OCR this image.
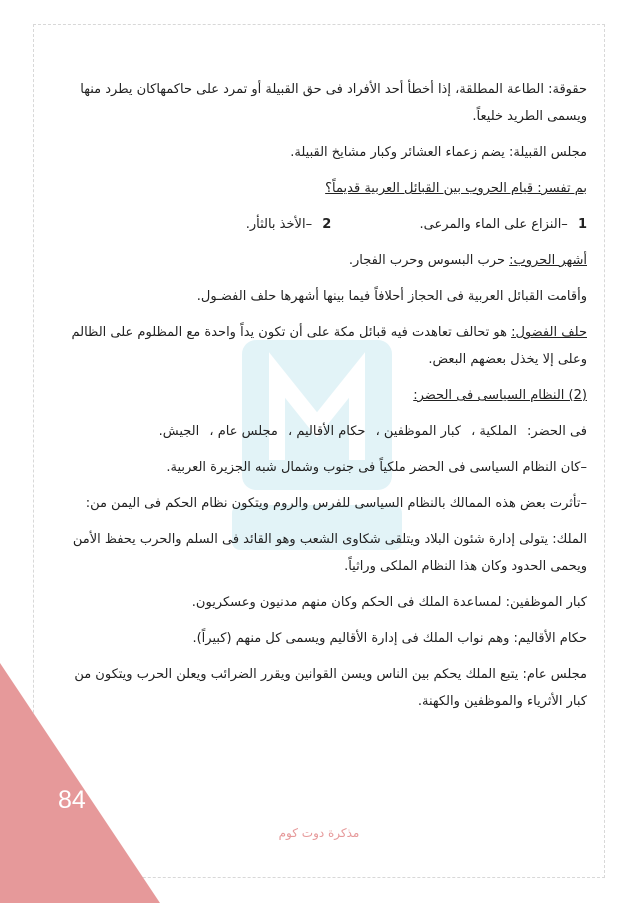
حقوقة: الطاعة المطلقة، إذا أخطأ أحد الأفراد فى حق القبيلة أو تمرد على حاكمهاكان يطرد منها ويسمى الطريد خليعاً.

مجلس القبيلة: يضم زعماء العشائر وكبار مشايخ القبيلة.

بم تفسر: قيام الحروب بين القبائل العربية قديماً؟

1 –النزاع على الماء والمرعى.  2 –الأخذ بالثأر.

أشهر الحروب: حرب البسوس وحرب الفجار.

وأقامت القبائل العربية فى الحجاز أحلافاً فيما بينها أشهرها حلف الفضـول.

حلف الفضول: هو تحالف تعاهدت فيه قبائل مكة على أن تكون يداً واحدة مع المظلوم على الظالم وعلى إلا يخذل بعضهم البعض.

(2) النظام السياسى فى الحضر:

فى الحضر: الملكية ، كبار الموظفين ، حكام الأقاليم ، مجلس عام ، الجيش.

–كان النظام السياسى فى الحضر ملكياً فى جنوب وشمال شبه الجزيرة العربية.

–تأثرت بعض هذه الممالك بالنظام السياسى للفرس والروم ويتكون نظام الحكم فى اليمن من:

الملك: يتولى إدارة شئون البلاد ويتلقى شكاوى الشعب وهو القائد فى السلم والحرب يحفظ الأمن ويحمى الحدود وكان هذا النظام الملكى وراثياً.

كبار الموظفين: لمساعدة الملك فى الحكم وكان منهم مدنيون وعسكريون.

حكام الأقاليم: وهم نواب الملك فى إدارة الأقاليم ويسمى كل منهم (كبيراً).

مجلس عام: يتبع الملك يحكم بين الناس ويسن القوانين ويقرر الضرائب ويعلن الحرب ويتكون من كبار الأثرياء والموظفين والكهنة.

84
مذكرة دوت كوم
